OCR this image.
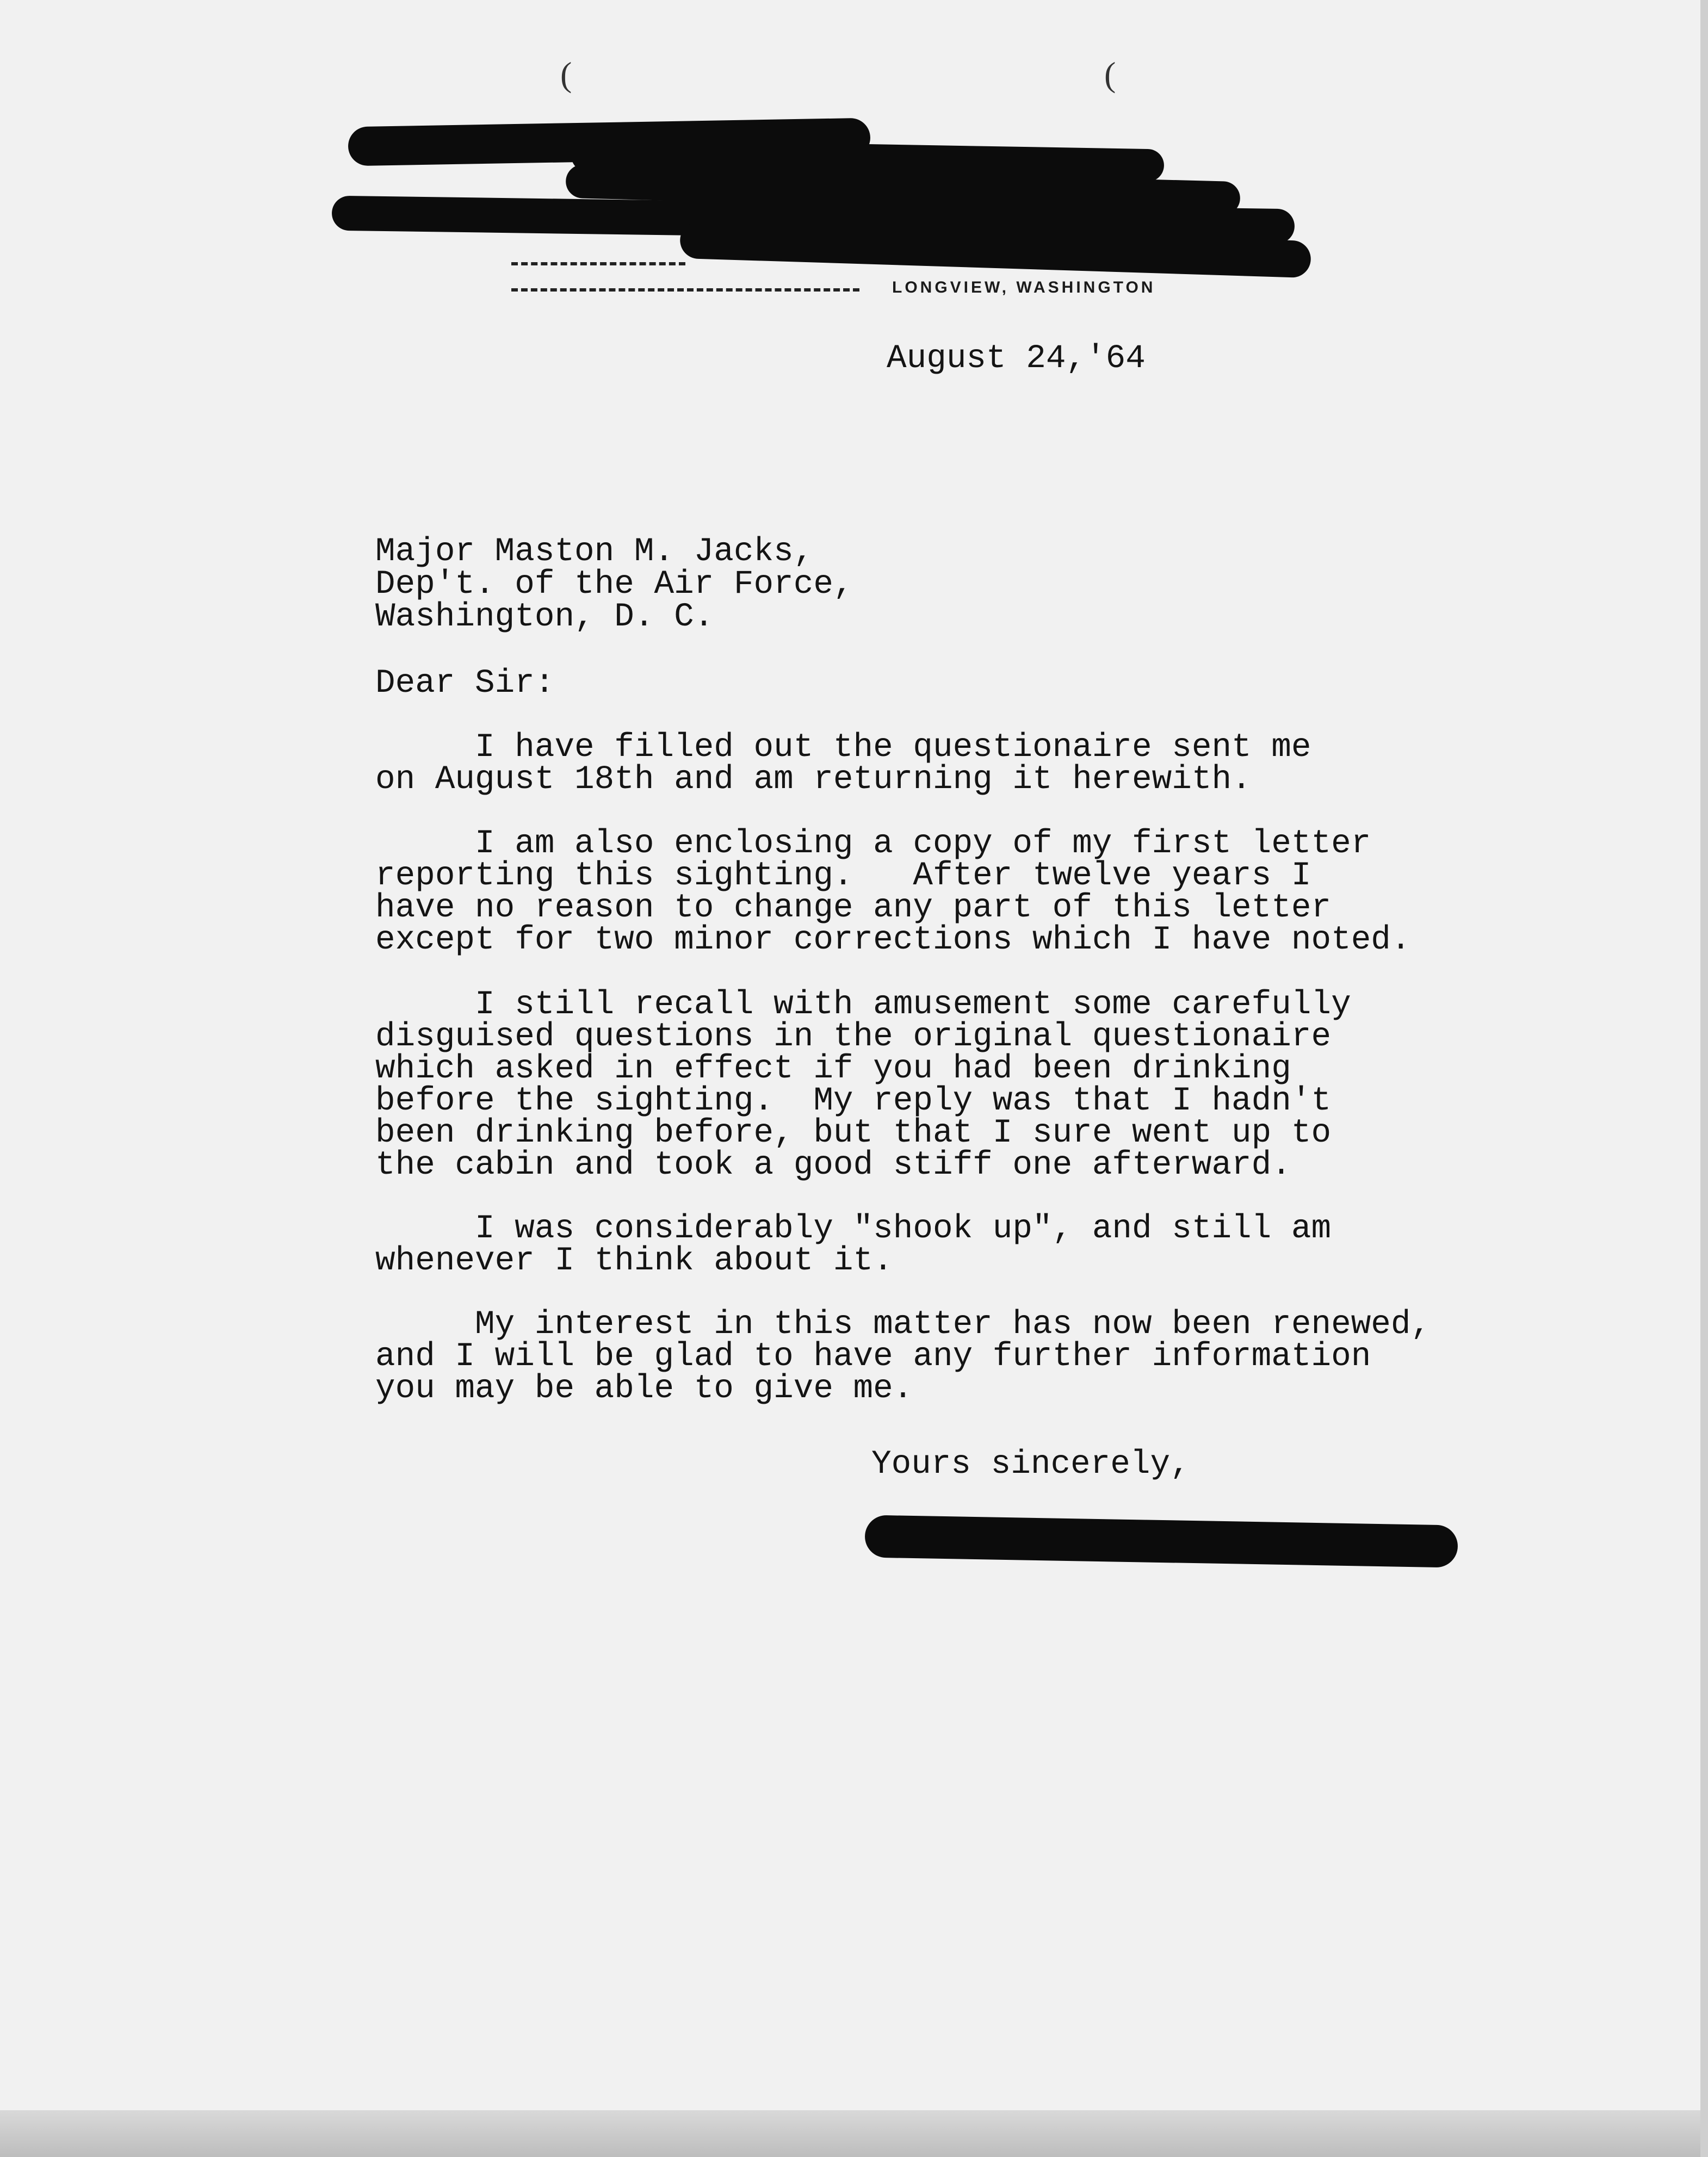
LONGVIEW, WASHINGTON
(	(
August 24,'64
Major Maston M. Jacks,
Dep't. of the Air Force,
Washington, D. C.
Dear Sir:
I have filled out the questionaire sent me
on August 18th and am returning it herewith.
I am also enclosing a copy of my first letter
reporting this sighting.   After twelve years I
have no reason to change any part of this letter
except for two minor corrections which I have noted.
I still recall with amusement some carefully
disguised questions in the original questionaire
which asked in effect if you had been drinking
before the sighting.  My reply was that I hadn't
been drinking before, but that I sure went up to
the cabin and took a good stiff one afterward.
I was considerably "shook up", and still am
whenever I think about it.
My interest in this matter has now been renewed,
and I will be glad to have any further information
you may be able to give me.
Yours sincerely,
